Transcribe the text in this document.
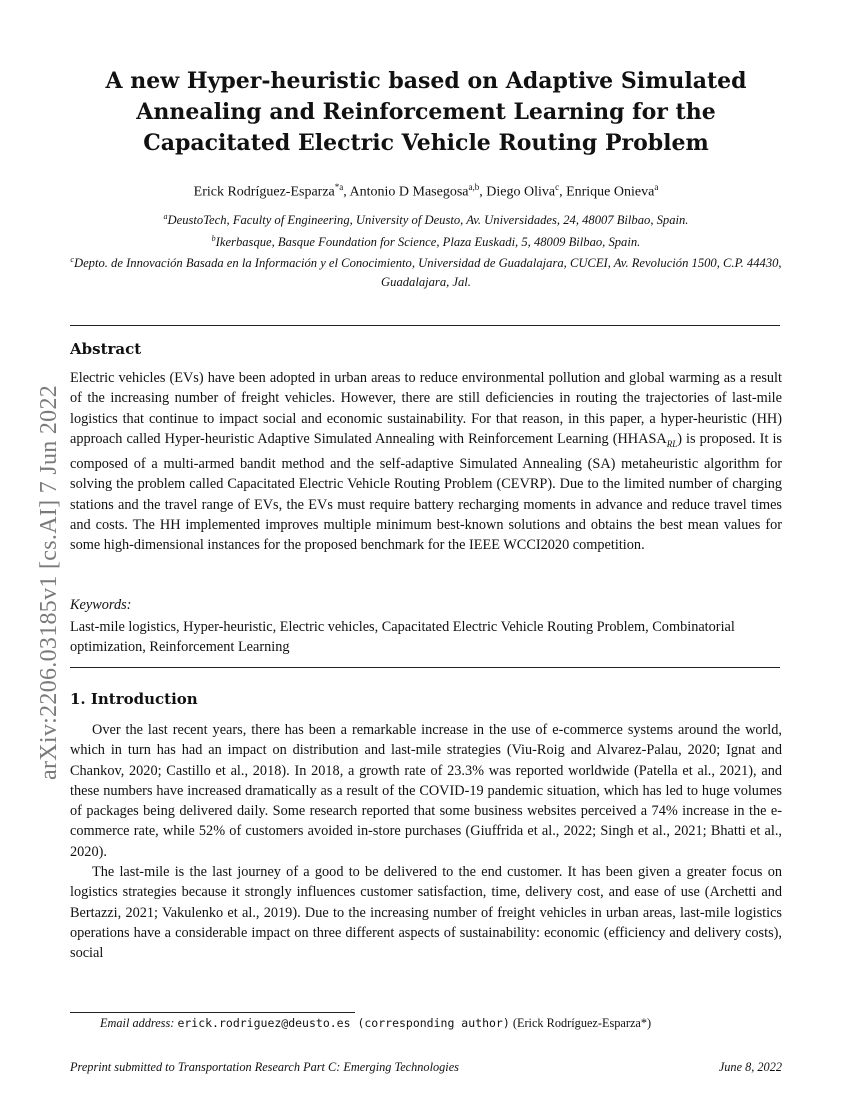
arXiv:2206.03185v1 [cs.AI] 7 Jun 2022
A new Hyper-heuristic based on Adaptive Simulated Annealing and Reinforcement Learning for the Capacitated Electric Vehicle Routing Problem
Erick Rodríguez-Esparza$^{*a}$, Antonio D Masegosa$^{a,b}$, Diego Oliva$^c$, Enrique Onieva$^a$
$^a$DeustoTech, Faculty of Engineering, University of Deusto, Av. Universidades, 24, 48007 Bilbao, Spain.
$^b$Ikerbasque, Basque Foundation for Science, Plaza Euskadi, 5, 48009 Bilbao, Spain.
$^c$Depto. de Innovación Basada en la Información y el Conocimiento, Universidad de Guadalajara, CUCEI, Av. Revolución 1500, C.P. 44430, Guadalajara, Jal.
Abstract
Electric vehicles (EVs) have been adopted in urban areas to reduce environmental pollution and global warming as a result of the increasing number of freight vehicles. However, there are still deficiencies in routing the trajectories of last-mile logistics that continue to impact social and economic sustainability. For that reason, in this paper, a hyper-heuristic (HH) approach called Hyper-heuristic Adaptive Simulated Annealing with Reinforcement Learning $(HHASA_{RL})$ is proposed. It is composed of a multi-armed bandit method and the self-adaptive Simulated Annealing (SA) metaheuristic algorithm for solving the problem called Capacitated Electric Vehicle Routing Problem (CEVRP). Due to the limited number of charging stations and the travel range of EVs, the EVs must require battery recharging moments in advance and reduce travel times and costs. The HH implemented improves multiple minimum best-known solutions and obtains the best mean values for some high-dimensional instances for the proposed benchmark for the IEEE WCCI2020 competition.
Keywords:
Last-mile logistics, Hyper-heuristic, Electric vehicles, Capacitated Electric Vehicle Routing Problem, Combinatorial optimization, Reinforcement Learning
1. Introduction

Over the last recent years, there has been a remarkable increase in the use of e-commerce systems around the world, which in turn has had an impact on distribution and last-mile strategies (Viu-Roig and Alvarez-Palau, 2020; Ignat and Chankov, 2020; Castillo et al., 2018). In 2018, a growth rate of 23.3% was reported worldwide (Patella et al., 2021), and these numbers have increased dramatically as a result of the COVID-19 pandemic situation, which has led to huge volumes of packages being delivered daily. Some research reported that some business websites perceived a 74% increase in the e-commerce rate, while 52% of customers avoided in-store purchases (Giuffrida et al., 2022; Singh et al., 2021; Bhatti et al., 2020).

The last-mile is the last journey of a good to be delivered to the end customer. It has been given a greater focus on logistics strategies because it strongly influences customer satisfaction, time, delivery cost, and ease of use (Archetti and Bertazzi, 2021; Vakulenko et al., 2019). Due to the increasing number of freight vehicles in urban areas, last-mile logistics operations have a considerable impact on three different aspects of sustainability: economic (efficiency and delivery costs), social

Email address: erick.rodriguez@deusto.es (corresponding author) (Erick Rodríguez-Esparza*)
Preprint submitted to Transportation Research Part C: Emerging Technologies	June 8, 2022
